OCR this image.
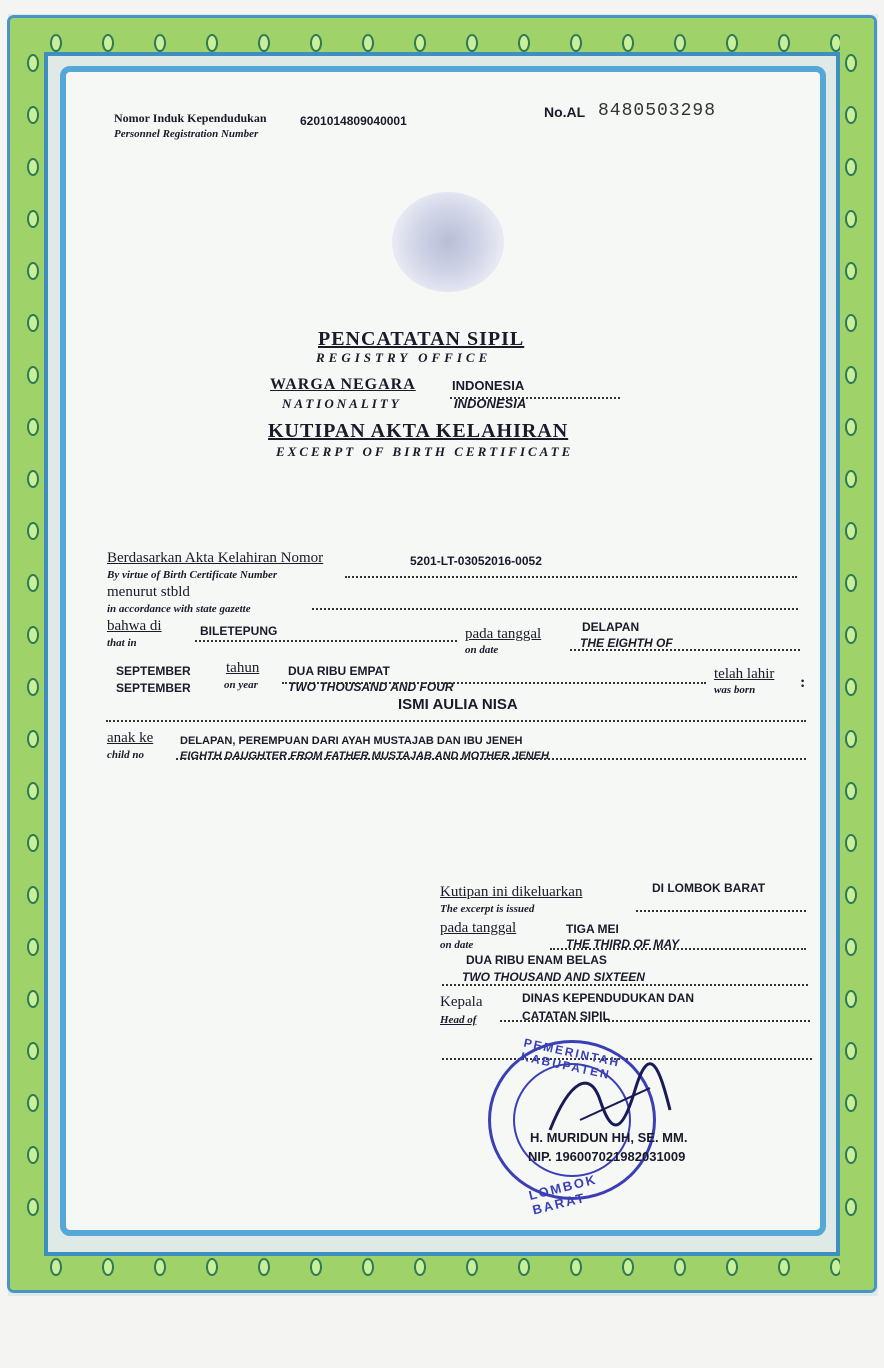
Nomor Induk Kependudukan
Personnel Registration Number
6201014809040001
No.AL 8480503298
PENCATATAN SIPIL
REGISTRY OFFICE
WARGA NEGARA
NATIONALITY
INDONESIA
INDONESIA
KUTIPAN AKTA KELAHIRAN
EXCERPT OF BIRTH CERTIFICATE
Berdasarkan Akta Kelahiran Nomor
By virtue of Birth Certificate Number
5201-LT-03052016-0052
menurut stbld
in accordance with state gazette
bahwa di
that in
BILETEPUNG	pada tanggal
on date
DELAPAN
THE EIGHTH OF
SEPTEMBER
SEPTEMBER
tahun
on year
DUA RIBU EMPAT
TWO THOUSAND AND FOUR
telah lahir
was born	:
ISMI AULIA NISA
anak ke
child no
DELAPAN, PEREMPUAN DARI AYAH MUSTAJAB DAN IBU JENEH
EIGHTH DAUGHTER FROM FATHER MUSTAJAB AND MOTHER JENEH
Kutipan ini dikeluarkan
The excerpt is issued
DI LOMBOK BARAT
pada tanggal
on date
TIGA MEI
THE THIRD OF MAY
DUA RIBU ENAM BELAS
TWO THOUSAND AND SIXTEEN
Kepala
Head of
DINAS KEPENDUDUKAN DAN
CATATAN SIPIL
PEMERINTAH KABUPATEN
LOMBOK BARAT
H. MURIDUN HH, SE. MM.
NIP. 196007021982031009
